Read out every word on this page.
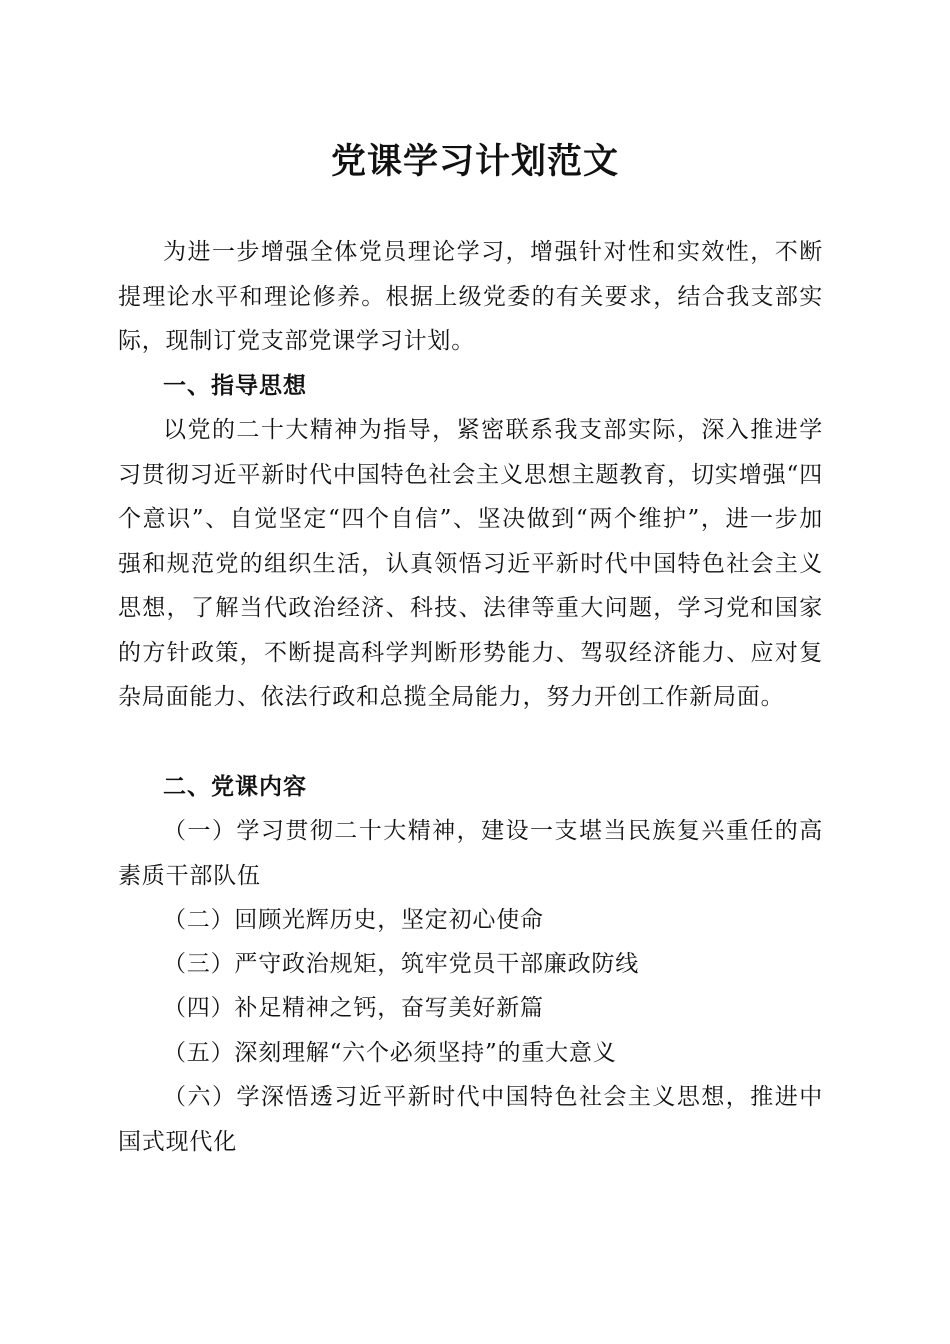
党课学习计划范文

为进一步增强全体党员理论学习，增强针对性和实效性，不断提理论水平和理论修养。根据上级党委的有关要求，结合我支部实际，现制订党支部党课学习计划。

一、指导思想

以党的二十大精神为指导，紧密联系我支部实际，深入推进学习贯彻习近平新时代中国特色社会主义思想主题教育，切实增强“四个意识”、自觉坚定“四个自信”、坚决做到“两个维护”，进一步加强和规范党的组织生活，认真领悟习近平新时代中国特色社会主义思想，了解当代政治经济、科技、法律等重大问题，学习党和国家的方针政策，不断提高科学判断形势能力、驾驭经济能力、应对复杂局面能力、依法行政和总揽全局能力，努力开创工作新局面。

二、党课内容

（一）学习贯彻二十大精神，建设一支堪当民族复兴重任的高素质干部队伍

（二）回顾光辉历史，坚定初心使命

（三）严守政治规矩，筑牢党员干部廉政防线

（四）补足精神之钙，奋写美好新篇

（五）深刻理解“六个必须坚持”的重大意义

（六）学深悟透习近平新时代中国特色社会主义思想，推进中国式现代化
